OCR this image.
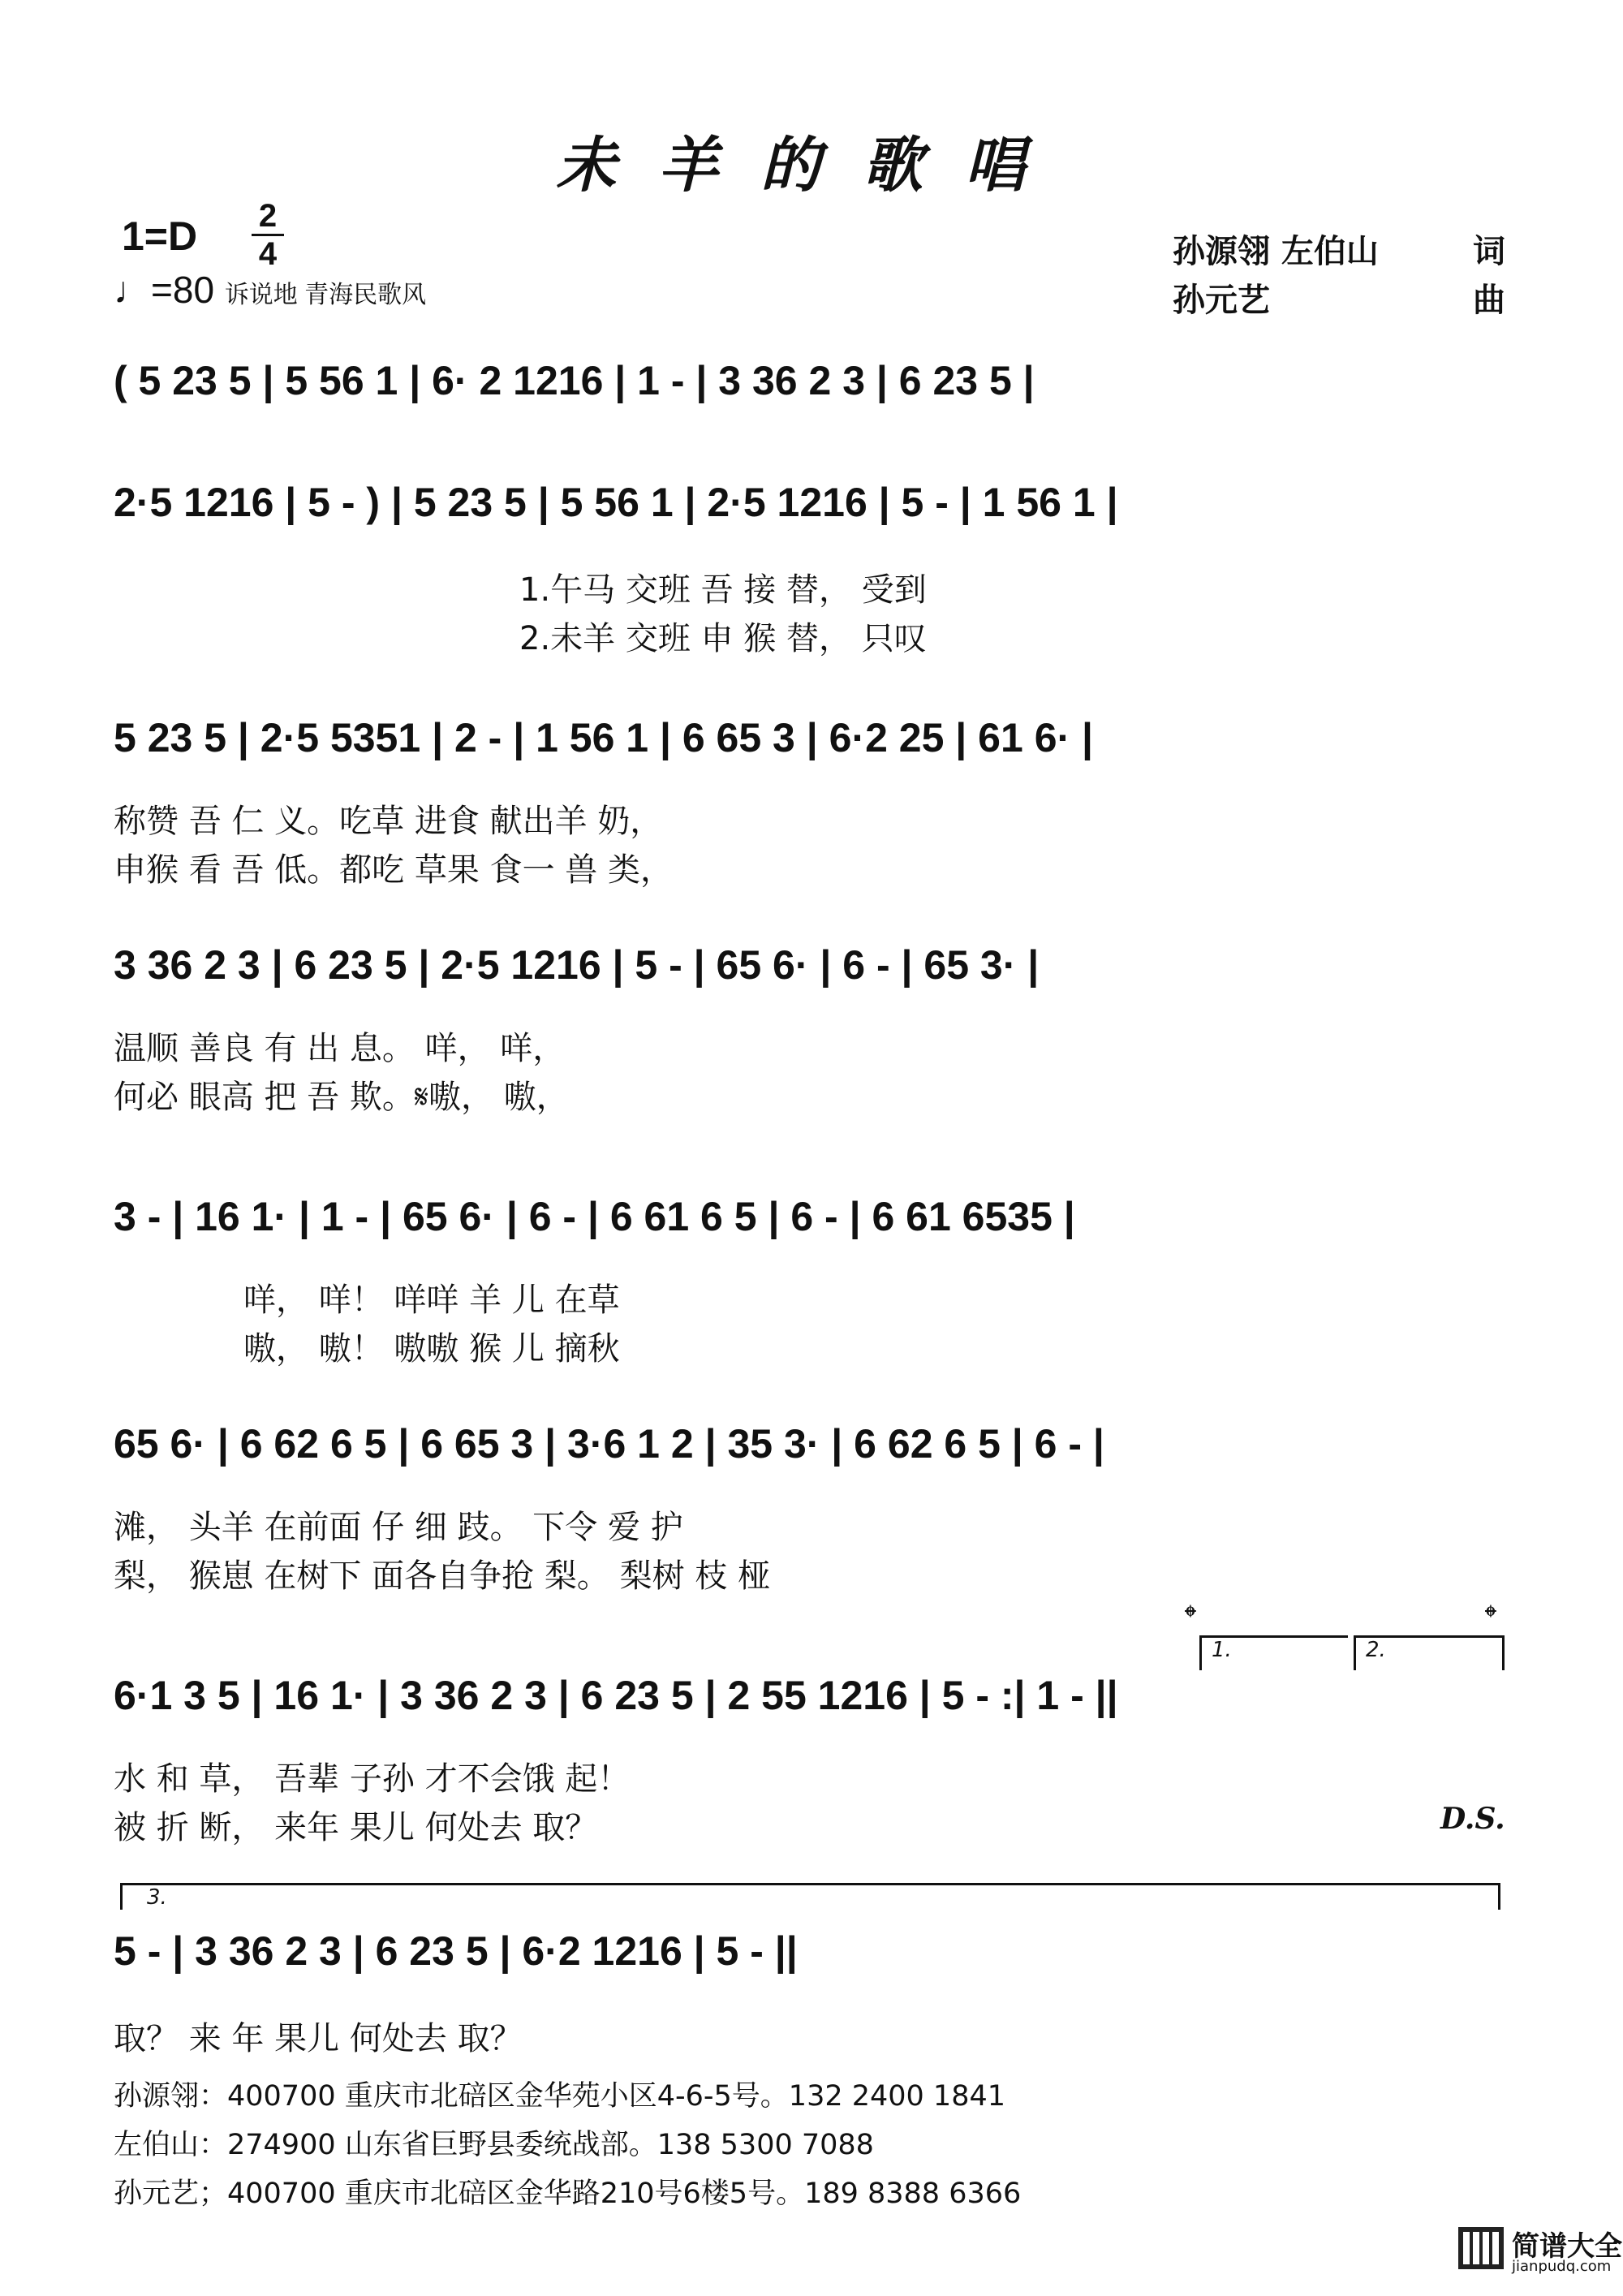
未羊的歌唱
1=D 2
4
♩=80 诉说地 青海民歌风
孙源翎 左伯山	词
孙元艺	曲
( 5 23 5 | 5 56 1 | 6· 2 1216 | 1 - | 3 36 2 3 | 6 23 5 |
2·5 1216 | 5 - ) | 5 23 5 | 5 56 1 | 2·5 1216 | 5 - | 1 56 1 |
1.午马 交班 吾 接 替， 受到
2.未羊 交班 申 猴 替， 只叹
5 23 5 | 2·5 5351 | 2 - | 1 56 1 | 6 65 3 | 6·2 25 | 61 6· |
称赞 吾 仁 义。吃草 进食 献出羊 奶，
申猴 看 吾 低。都吃 草果 食一 兽 类，
3 36 2 3 | 6 23 5 | 2·5 1216 | 5 - | 65 6· | 6 - | 65 3· |
温顺 善良 有 出 息。 咩， 咩，
何必 眼高 把 吾 欺。𝄋嗷， 嗷，
3 - | 16 1· | 1 - | 65 6· | 6 - | 6 61 6 5 | 6 - | 6 61 6535 |
咩， 咩！ 咩咩 羊 儿 在草
嗷， 嗷！ 嗷嗷 猴 儿 摘秋
65 6· | 6 62 6 5 | 6 65 3 | 3·6 1 2 | 35 3· | 6 62 6 5 | 6 - |
滩， 头羊 在前面 仔 细 跂。 下令 爱 护
梨， 猴崽 在树下 面各自争抢 梨。 梨树 枝 桠
𝄌	𝄌
1.	2.
6·1 3 5 | 16 1· | 3 36 2 3 | 6 23 5 | 2 55 1216 | 5 - :| 1 - ||
水 和 草， 吾辈 子孙 才不会饿 起！
被 折 断， 来年 果儿 何处去 取？	D.S.
3.
5 - | 3 36 2 3 | 6 23 5 | 6·2 1216 | 5 - ||
取？ 来 年 果儿 何处去 取？
孙源翎：400700 重庆市北碚区金华苑小区4-6-5号。132 2400 1841
左伯山：274900 山东省巨野县委统战部。138 5300 7088
孙元艺；400700 重庆市北碚区金华路210号6楼5号。189 8388 6366
简谱大全
jianpudq.com
